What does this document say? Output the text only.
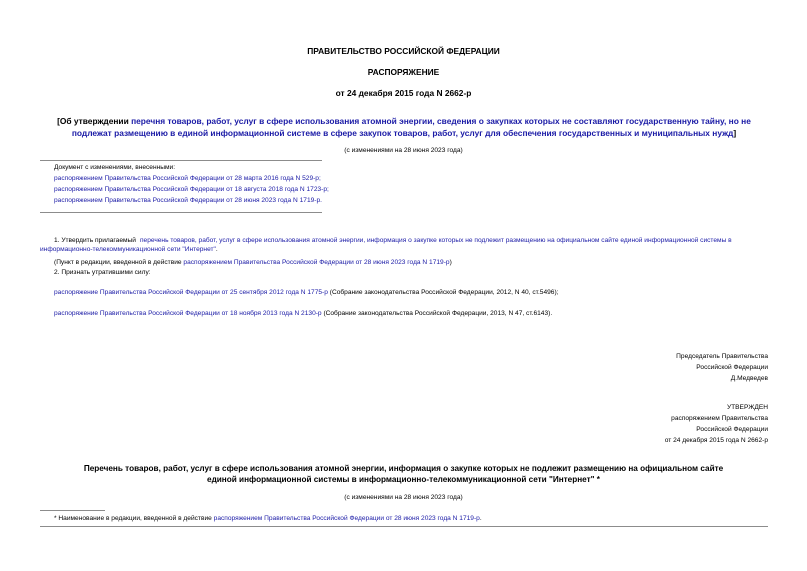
ПРАВИТЕЛЬСТВО РОССИЙСКОЙ ФЕДЕРАЦИИ
РАСПОРЯЖЕНИЕ
от 24 декабря 2015 года N 2662-р
[Об утверждении перечня товаров, работ, услуг в сфере использования атомной энергии, сведения о закупках которых не составляют государственную тайну, но не подлежат размещению в единой информационной системе в сфере закупок товаров, работ, услуг для обеспечения государственных и муниципальных нужд]
(с изменениями на 28 июня 2023 года)
Документ с изменениями, внесенными:
распоряжением Правительства Российской Федерации от 28 марта 2016 года N 529-р;
распоряжением Правительства Российской Федерации от 18 августа 2018 года N 1723-р;
распоряжением Правительства Российской Федерации от 28 июня 2023 года N 1719-р.
1. Утвердить прилагаемый перечень товаров, работ, услуг в сфере использования атомной энергии, информация о закупке которых не подлежит размещению на официальном сайте единой информационной системы в информационно-телекоммуникационной сети "Интернет".
(Пункт в редакции, введенной в действие распоряжением Правительства Российской Федерации от 28 июня 2023 года N 1719-р)
2. Признать утратившими силу:
распоряжение Правительства Российской Федерации от 25 сентября 2012 года N 1775-р (Собрание законодательства Российской Федерации, 2012, N 40, ст.5496);
распоряжение Правительства Российской Федерации от 18 ноября 2013 года N 2130-р (Собрание законодательства Российской Федерации, 2013, N 47, ст.6143).
Председатель Правительства
Российской Федерации
Д.Медведев
УТВЕРЖДЕН
распоряжением Правительства
Российской Федерации
от 24 декабря 2015 года N 2662-р
Перечень товаров, работ, услуг в сфере использования атомной энергии, информация о закупке которых не подлежит размещению на официальном сайте
единой информационной системы в информационно-телекоммуникационной сети "Интернет" *
(с изменениями на 28 июня 2023 года)
* Наименование в редакции, введенной в действие распоряжением Правительства Российской Федерации от 28 июня 2023 года N 1719-р.
